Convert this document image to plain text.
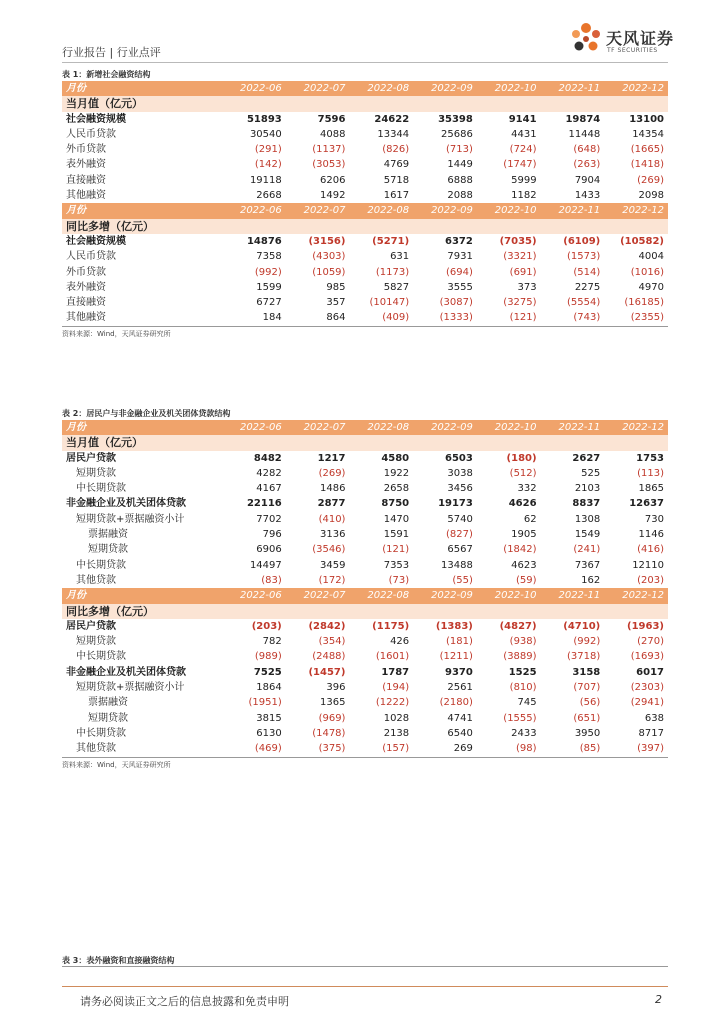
行业报告 | 行业点评
天风证券
TF SECURITIES
表 1：新增社会融资结构
月份	2022-06	2022-07	2022-08	2022-09	2022-10	2022-11	2022-12
当月值（亿元）							
社会融资规模	51893	7596	24622	35398	9141	19874	13100
人民币贷款	30540	4088	13344	25686	4431	11448	14354
外币贷款	(291)	(1137)	(826)	(713)	(724)	(648)	(1665)
表外融资	(142)	(3053)	4769	1449	(1747)	(263)	(1418)
直接融资	19118	6206	5718	6888	5999	7904	(269)
其他融资	2668	1492	1617	2088	1182	1433	2098
月份	2022-06	2022-07	2022-08	2022-09	2022-10	2022-11	2022-12
同比多增（亿元）							
社会融资规模	14876	(3156)	(5271)	6372	(7035)	(6109)	(10582)
人民币贷款	7358	(4303)	631	7931	(3321)	(1573)	4004
外币贷款	(992)	(1059)	(1173)	(694)	(691)	(514)	(1016)
表外融资	1599	985	5827	3555	373	2275	4970
直接融资	6727	357	(10147)	(3087)	(3275)	(5554)	(16185)
其他融资	184	864	(409)	(1333)	(121)	(743)	(2355)
资料来源：Wind，天风证券研究所
表 2：居民户与非金融企业及机关团体贷款结构
月份	2022-06	2022-07	2022-08	2022-09	2022-10	2022-11	2022-12
当月值（亿元）							
居民户贷款	8482	1217	4580	6503	(180)	2627	1753
短期贷款	4282	(269)	1922	3038	(512)	525	(113)
中长期贷款	4167	1486	2658	3456	332	2103	1865
非金融企业及机关团体贷款	22116	2877	8750	19173	4626	8837	12637
短期贷款+票据融资小计	7702	(410)	1470	5740	62	1308	730
票据融资	796	3136	1591	(827)	1905	1549	1146
短期贷款	6906	(3546)	(121)	6567	(1842)	(241)	(416)
中长期贷款	14497	3459	7353	13488	4623	7367	12110
其他贷款	(83)	(172)	(73)	(55)	(59)	162	(203)
月份	2022-06	2022-07	2022-08	2022-09	2022-10	2022-11	2022-12
同比多增（亿元）							
居民户贷款	(203)	(2842)	(1175)	(1383)	(4827)	(4710)	(1963)
短期贷款	782	(354)	426	(181)	(938)	(992)	(270)
中长期贷款	(989)	(2488)	(1601)	(1211)	(3889)	(3718)	(1693)
非金融企业及机关团体贷款	7525	(1457)	1787	9370	1525	3158	6017
短期贷款+票据融资小计	1864	396	(194)	2561	(810)	(707)	(2303)
票据融资	(1951)	1365	(1222)	(2180)	745	(56)	(2941)
短期贷款	3815	(969)	1028	4741	(1555)	(651)	638
中长期贷款	6130	(1478)	2138	6540	2433	3950	8717
其他贷款	(469)	(375)	(157)	269	(98)	(85)	(397)
资料来源：Wind，天风证券研究所
表 3：表外融资和直接融资结构
请务必阅读正文之后的信息披露和免责申明	2
